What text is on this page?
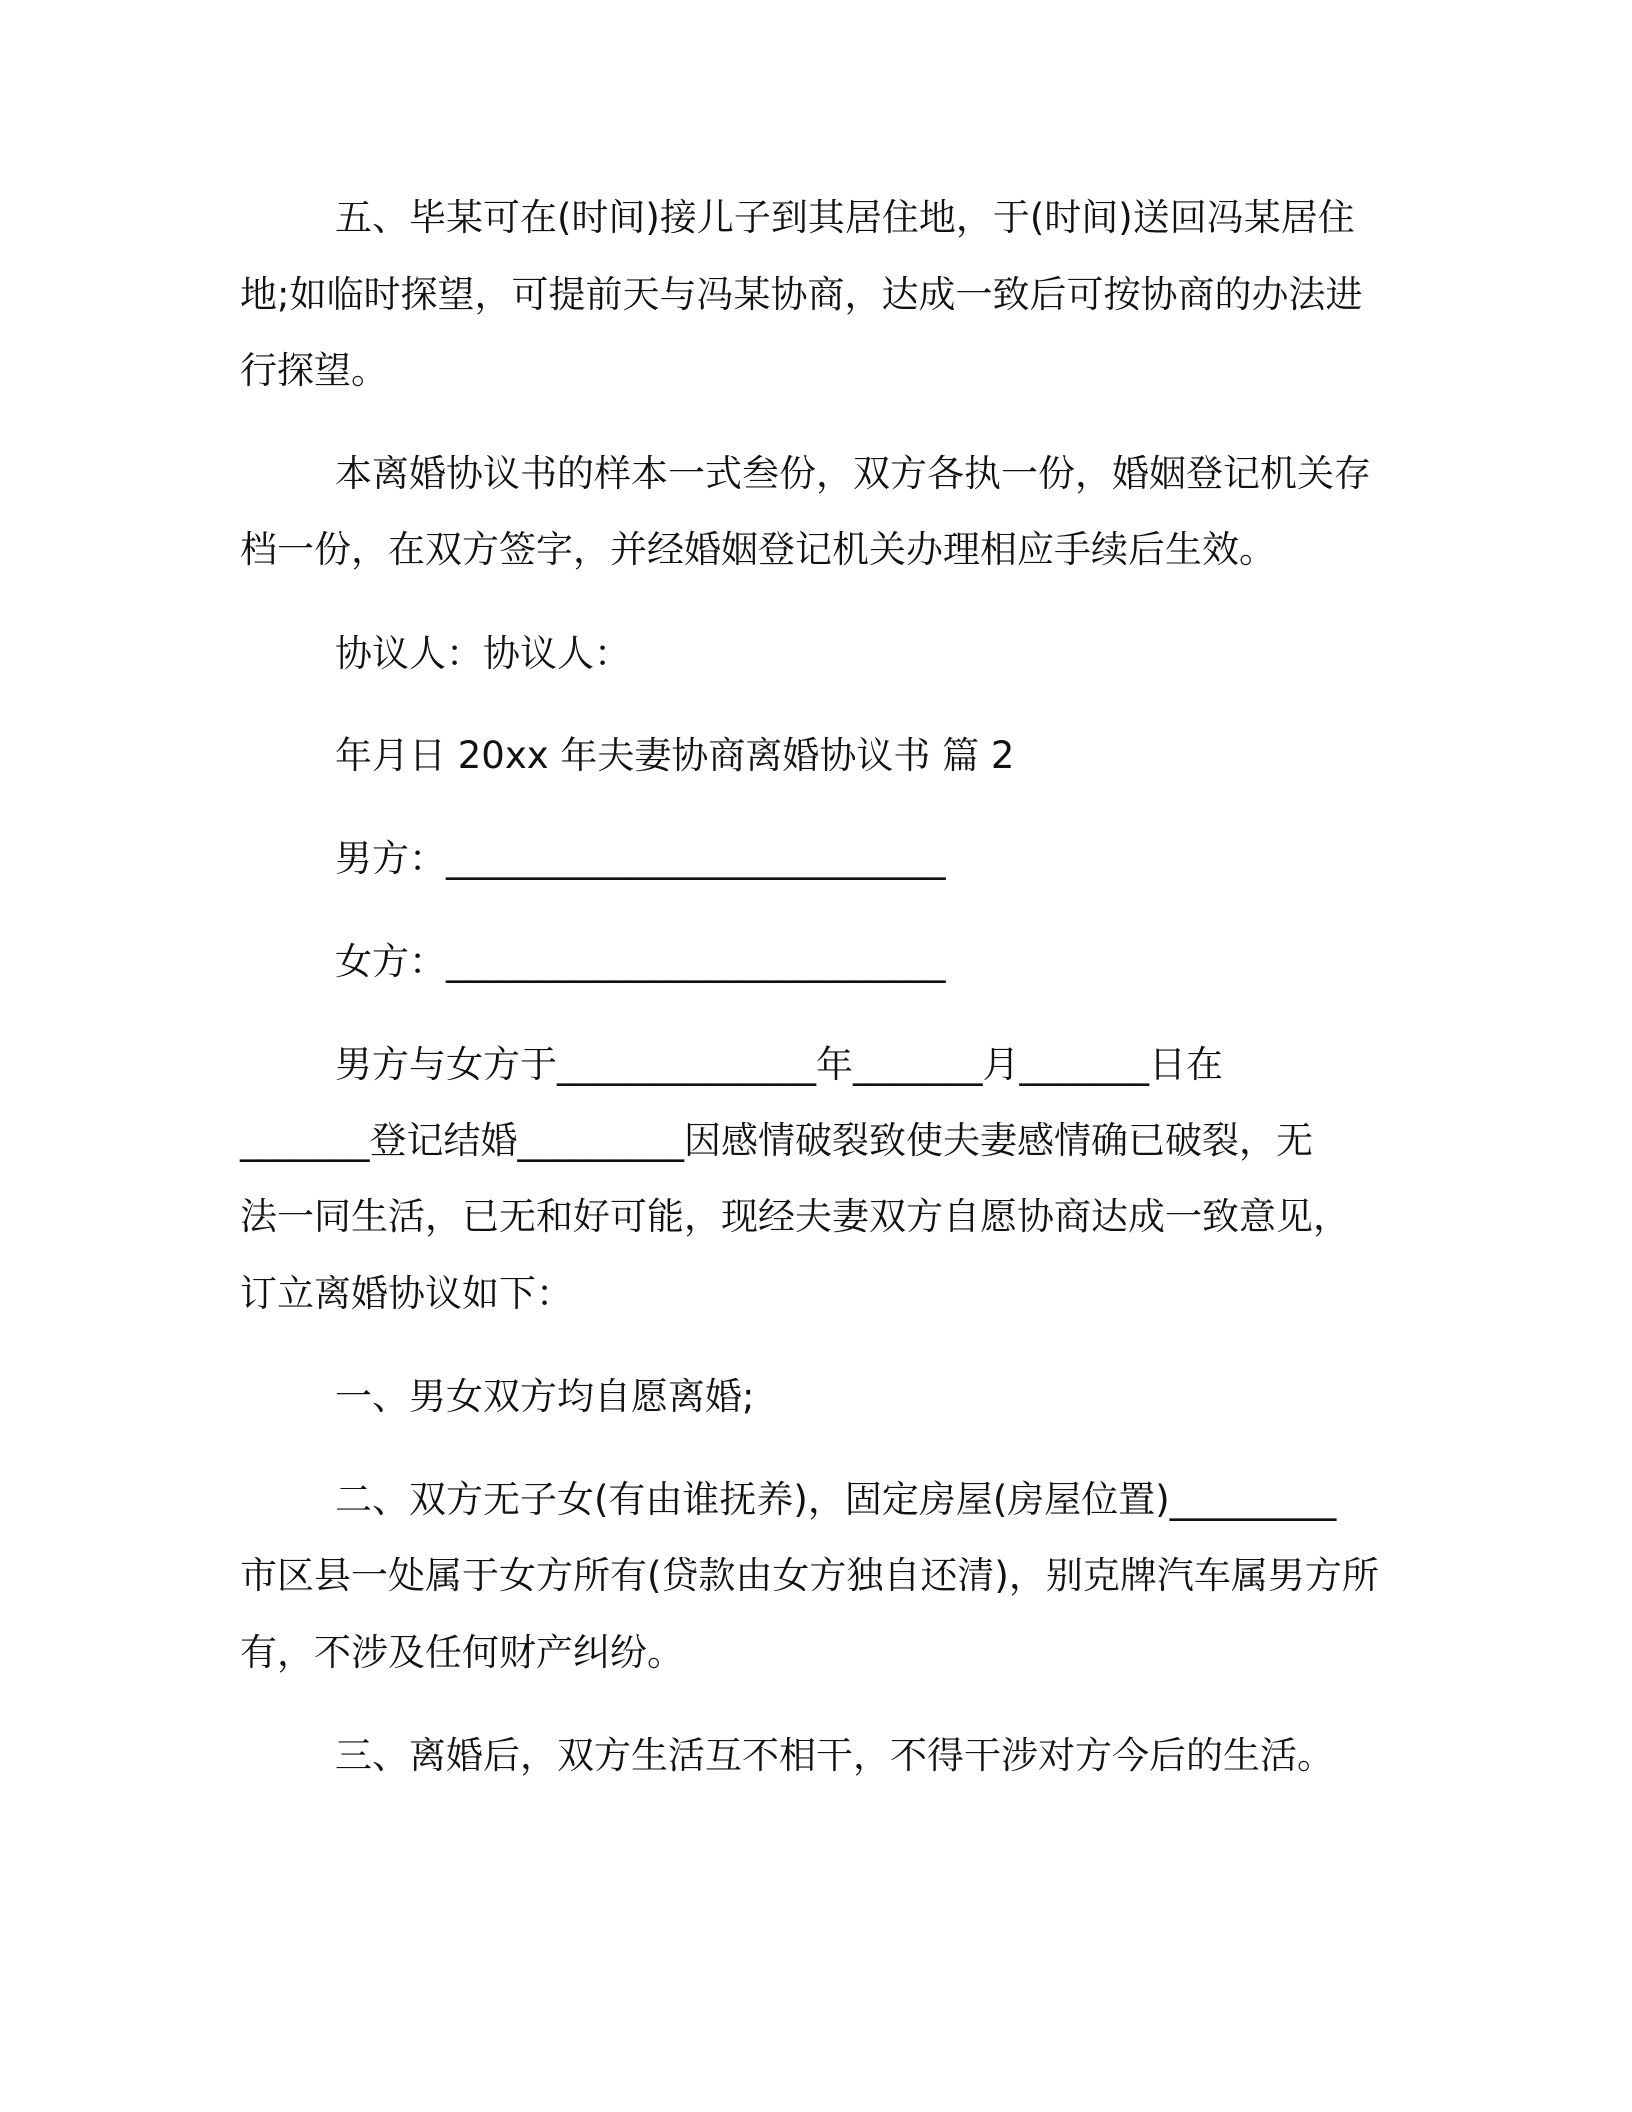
五、毕某可在(时间)接儿子到其居住地，于(时间)送回冯某居住
地;如临时探望，可提前天与冯某协商，达成一致后可按协商的办法进
行探望。
本离婚协议书的样本一式叁份，双方各执一份，婚姻登记机关存
档一份，在双方签字，并经婚姻登记机关办理相应手续后生效。
协议人：协议人：
年月日 20xx 年夫妻协商离婚协议书 篇 2
男方：___________________________
女方：___________________________
男方与女方于______________年_______月_______日在
_______登记结婚_________因感情破裂致使夫妻感情确已破裂，无
法一同生活，已无和好可能，现经夫妻双方自愿协商达成一致意见，
订立离婚协议如下：
一、男女双方均自愿离婚;
二、双方无子女(有由谁抚养)，固定房屋(房屋位置)_________
市区县一处属于女方所有(贷款由女方独自还清)，别克牌汽车属男方所
有，不涉及任何财产纠纷。
三、离婚后，双方生活互不相干，不得干涉对方今后的生活。
